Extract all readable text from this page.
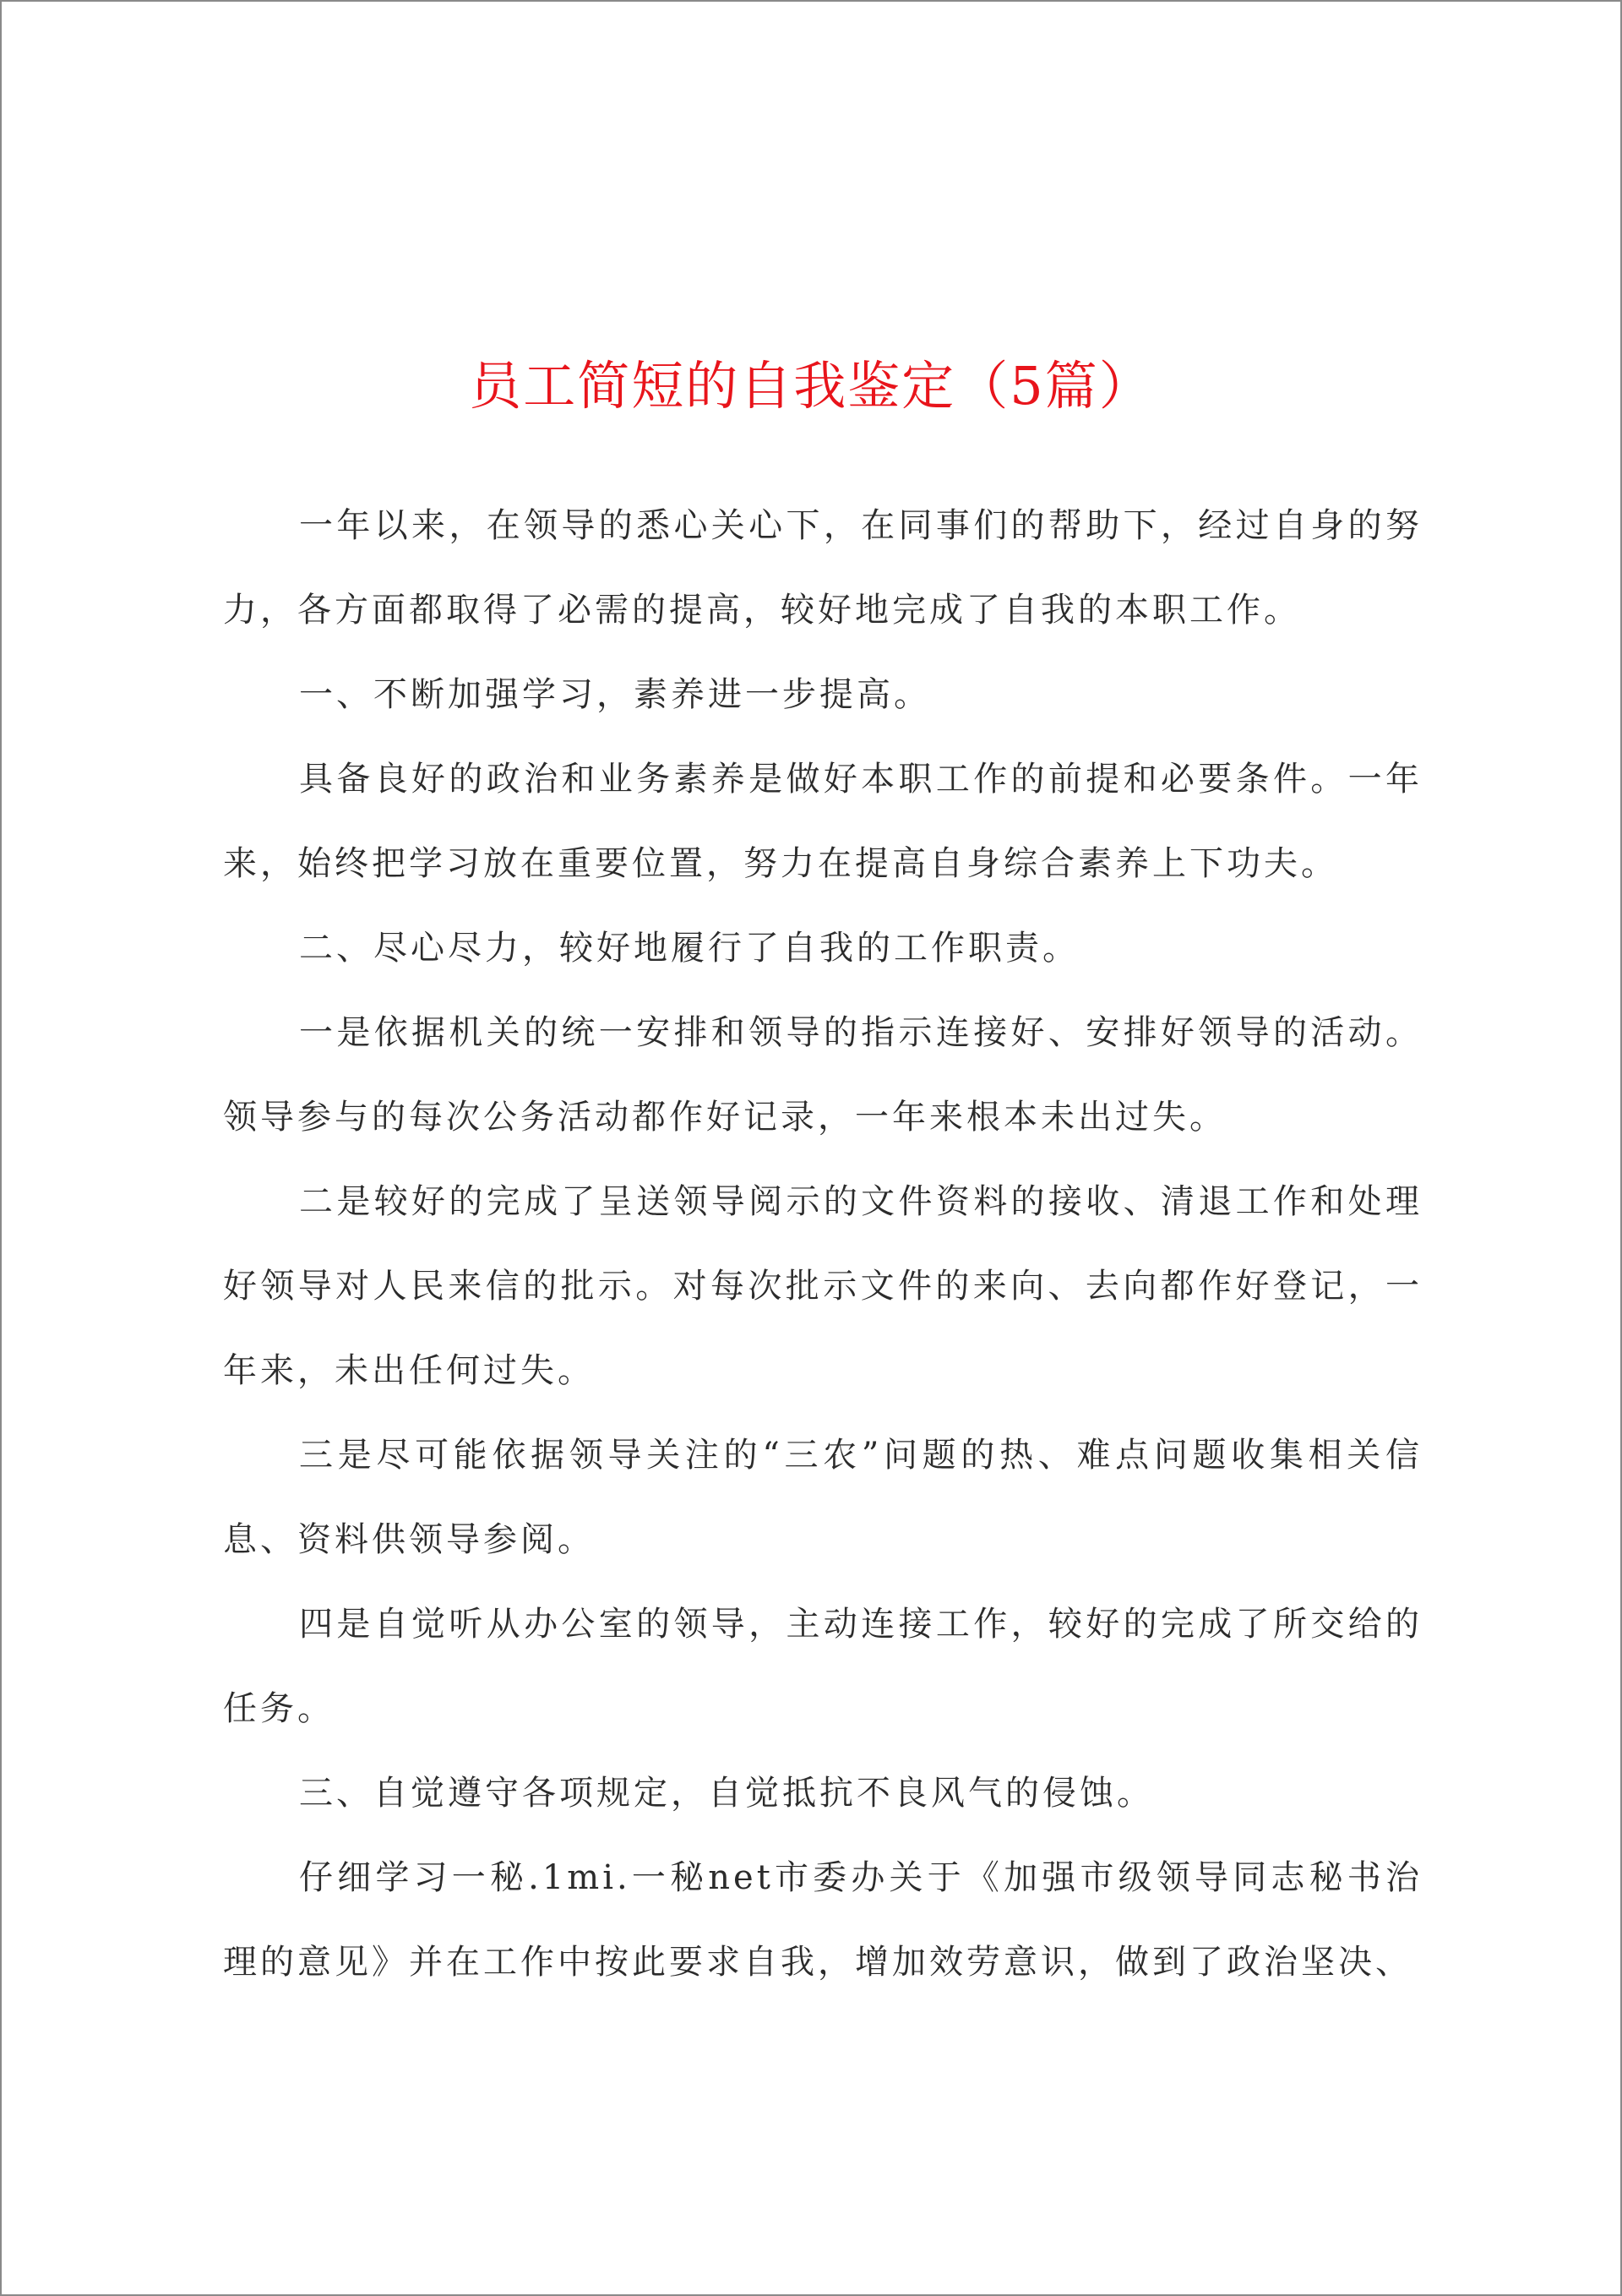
员工简短的自我鉴定（5篇）

一年以来，在领导的悉心关心下，在同事们的帮助下，经过自身的努力，各方面都取得了必需的提高，较好地完成了自我的本职工作。

一、不断加强学习，素养进一步提高。

具备良好的政治和业务素养是做好本职工作的前提和必要条件。一年来，始终把学习放在重要位置，努力在提高自身综合素养上下功夫。

二、尽心尽力，较好地履行了自我的工作职责。

一是依据机关的统一安排和领导的指示连接好、安排好领导的活动。领导参与的每次公务活动都作好记录，一年来根本未出过失。

二是较好的完成了呈送领导阅示的文件资料的接收、清退工作和处理好领导对人民来信的批示。对每次批示文件的来向、去向都作好登记，一年来，未出任何过失。

三是尽可能依据领导关注的“三农”问题的热、难点问题收集相关信息、资料供领导参阅。

四是自觉听从办公室的领导，主动连接工作，较好的完成了所交给的任务。

三、自觉遵守各项规定，自觉抵抗不良风气的侵蚀。

仔细学习一秘.1mi.一秘net市委办关于《加强市级领导同志秘书治理的意见》并在工作中按此要求自我，增加效劳意识，做到了政治坚决、
